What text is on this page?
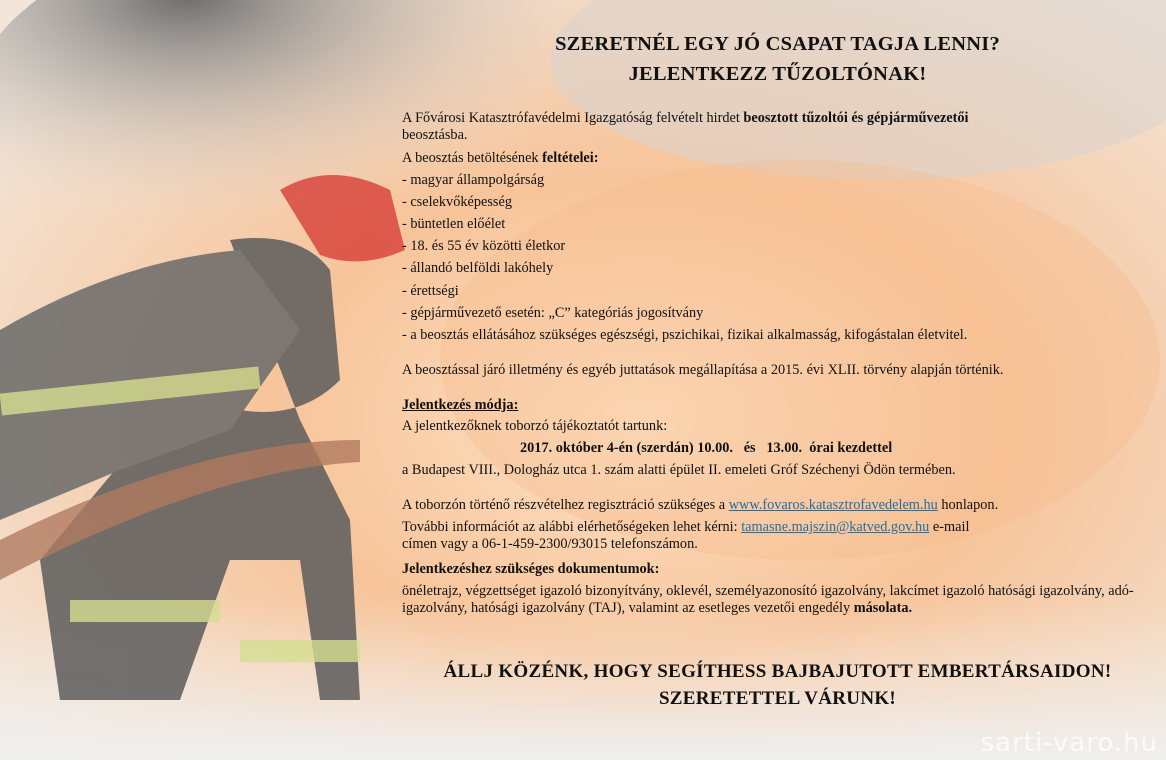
SZERETNÉL EGY JÓ CSAPAT TAGJA LENNI?
JELENTKEZZ TŰZOLTÓNAK!
A Fővárosi Katasztrófavédelmi Igazgatóság felvételt hirdet beosztott tűzoltói és gépjárművezetői
beosztásba.
A beosztás betöltésének feltételei:
- magyar állampolgárság
- cselekvőképesség
- büntetlen előélet
- 18. és 55 év közötti életkor
- állandó belföldi lakóhely
- érettségi
- gépjárművezető esetén: „C” kategóriás jogosítvány
- a beosztás ellátásához szükséges egészségi, pszichikai, fizikai alkalmasság, kifogástalan életvitel.
A beosztással járó illetmény és egyéb juttatások megállapítása a 2015. évi XLII. törvény alapján történik.
Jelentkezés módja:
A jelentkezőknek toborzó tájékoztatót tartunk:
2017. október 4-én (szerdán) 10.00.   és   13.00.  órai kezdettel
a Budapest VIII., Dologház utca 1. szám alatti épület II. emeleti Gróf Széchenyi Ödön termében.
A toborzón történő részvételhez regisztráció szükséges a www.fovaros.katasztrofavedelem.hu honlapon.
További információt az alábbi elérhetőségeken lehet kérni: tamasne.majszin@katved.gov.hu e-mail
címen vagy a 06-1-459-2300/93015 telefonszámon.
Jelentkezéshez szükséges dokumentumok:
önéletrajz, végzettséget igazoló bizonyítvány, oklevél, személyazonosító igazolvány, lakcímet igazoló hatósági igazolvány, adó-igazolvány, hatósági igazolvány (TAJ), valamint az esetleges vezetői engedély másolata.
ÁLLJ KÖZÉNK, HOGY SEGÍTHESS BAJBAJUTOTT EMBERTÁRSAIDON!
SZERETETTEL VÁRUNK!
sarti-varo.hu
